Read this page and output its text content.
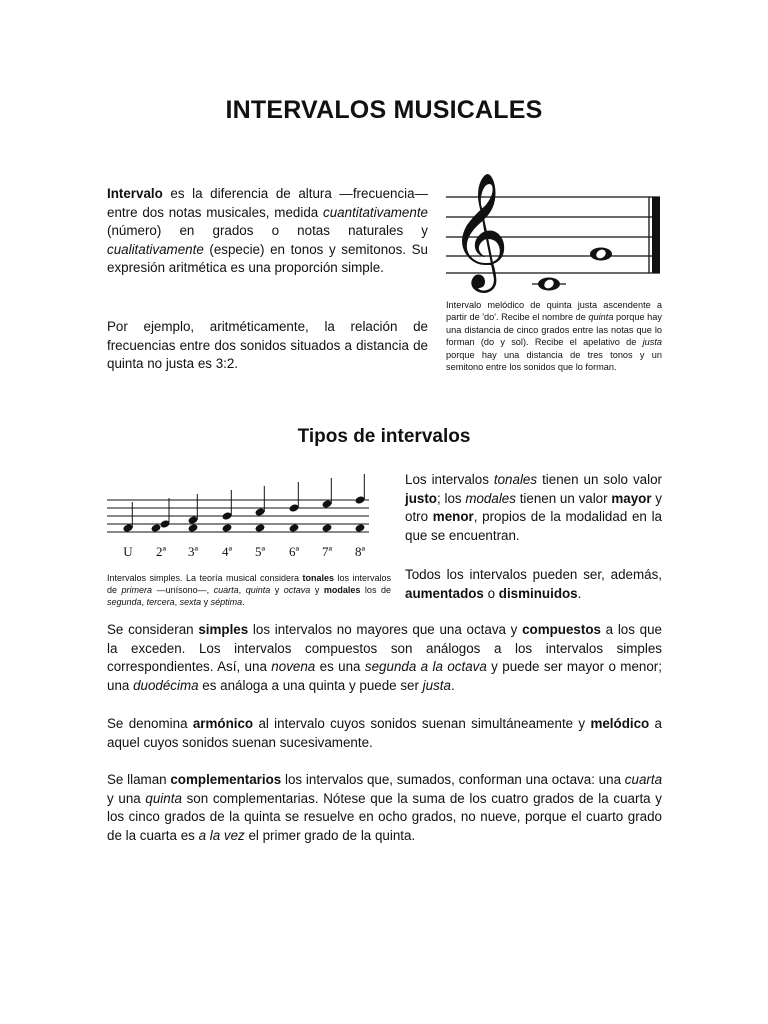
INTERVALOS MUSICALES
Intervalo es la diferencia de altura —frecuencia— entre dos notas musicales, medida cuantitativamente (número) en grados o notas naturales y cualitativamente (especie) en tonos y semitonos. Su expresión aritmética es una proporción simple.
Por ejemplo, aritméticamente, la relación de frecuencias entre dos sonidos situados a distancia de quinta no justa es 3:2.
𝄞
Intervalo melódico de quinta justa ascendente a partir de 'do'. Recibe el nombre de quinta porque hay una distancia de cinco grados entre las notas que lo forman (do y sol). Recibe el apelativo de justa porque hay una distancia de tres tonos y un semitono entre los sonidos que lo forman.
Tipos de intervalos
U 2ª 3ª 4ª 5ª 6ª 7ª 8ª
Intervalos simples. La teoría musical considera tonales los intervalos de primera —unísono—, cuarta, quinta y octava y modales los de segunda, tercera, sexta y séptima.
Los intervalos tonales tienen un solo valor justo; los modales tienen un valor mayor y otro menor, propios de la modalidad en la que se encuentran.
Todos los intervalos pueden ser, además, aumentados o disminuidos.
Se consideran simples los intervalos no mayores que una octava y compuestos a los que la exceden. Los intervalos compuestos son análogos a los intervalos simples correspondientes. Así, una novena es una segunda a la octava y puede ser mayor o menor; una duodécima es análoga a una quinta y puede ser justa.
Se denomina armónico al intervalo cuyos sonidos suenan simultáneamente y melódico a aquel cuyos sonidos suenan sucesivamente.
Se llaman complementarios los intervalos que, sumados, conforman una octava: una cuarta y una quinta son complementarias. Nótese que la suma de los cuatro grados de la cuarta y los cinco grados de la quinta se resuelve en ocho grados, no nueve, porque el cuarto grado de la cuarta es a la vez el primer grado de la quinta.
